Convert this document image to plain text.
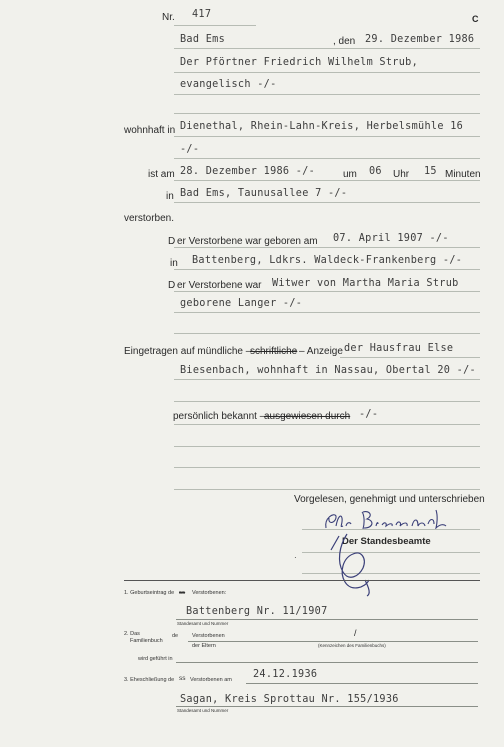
Nr. 417	C
Bad Ems	, den 29. Dezember 1986
Der Pförtner Friedrich Wilhelm Strub,
evangelisch -/-
wohnhaft in Dienethal, Rhein-Lahn-Kreis, Herbelsmühle 16
-/-
ist am 28. Dezember 1986 -/-	um 06 Uhr 15 Minuten
in Bad Ems, Taunusallee 7 -/-
verstorben.
D er Verstorbene war geboren am 07. April 1907 -/-
in Battenberg, Ldkrs. Waldeck-Frankenberg -/-
D er Verstorbene war Witwer von Martha Maria Strub
geborene Langer -/-
Eingetragen auf mündliche –
schriftliche – Anzeige der Hausfrau Else
Biesenbach, wohnhaft in Nassau, Obertal 20 -/-
persönlich bekannt –
ausgewiesen durch -/-
Vorgelesen, genehmigt und unterschrieben
Der Standesbeamte
·
1. Geburtseintrag de ss Verstorbenen:
Battenberg Nr. 11/1907
Standesamt und Nummer
2. Das
Familienbuch
de	Verstorbenen
der Eltern
/
(Kennzeichen des Familienbuchs)
wird geführt in
3. Eheschließung de ss Verstorbenen am 24.12.1936
Sagan, Kreis Sprottau Nr. 155/1936
Standesamt und Nummer
